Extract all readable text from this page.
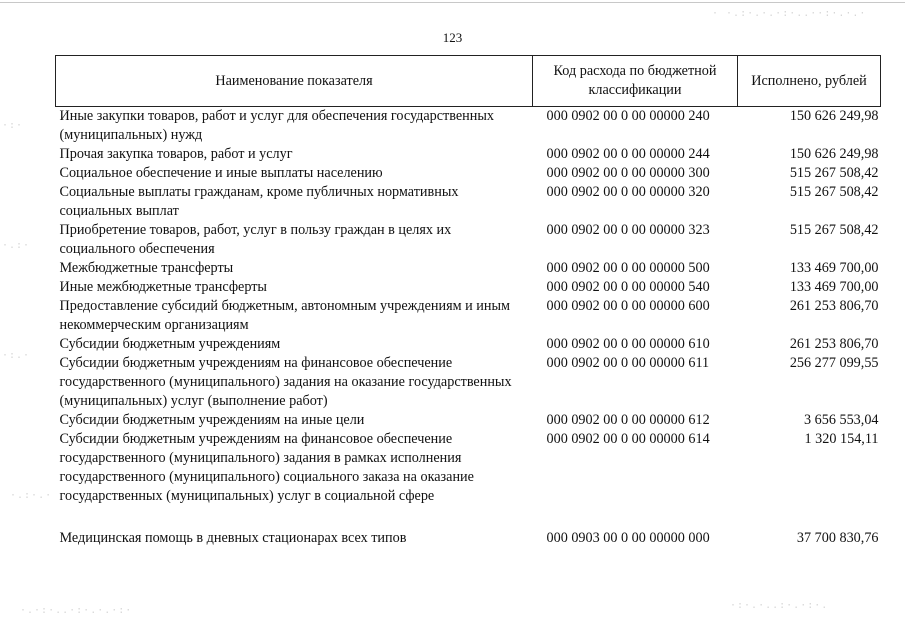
· ·.:·.·.·:·..··:·.·.·
·:·
·.:·
·:.·
·.:·.·
·.·:·..·:·.·.·:·	·:·.·..:·.·:·.
123
Наименование показателя	Код расхода по бюджетной классификации	Исполнено, рублей
Иные закупки товаров, работ и услуг для обеспечения государственных (муниципальных) нужд	000 0902 00 0 00 00000 240	150 626 249,98
Прочая закупка товаров, работ и услуг	000 0902 00 0 00 00000 244	150 626 249,98
Социальное обеспечение и иные выплаты населению	000 0902 00 0 00 00000 300	515 267 508,42
Социальные выплаты гражданам, кроме публичных нормативных социальных выплат	000 0902 00 0 00 00000 320	515 267 508,42
Приобретение товаров, работ, услуг в пользу граждан в целях их социального обеспечения	000 0902 00 0 00 00000 323	515 267 508,42
Межбюджетные трансферты	000 0902 00 0 00 00000 500	133 469 700,00
Иные межбюджетные трансферты	000 0902 00 0 00 00000 540	133 469 700,00
Предоставление субсидий бюджетным, автономным учреждениям и иным некоммерческим организациям	000 0902 00 0 00 00000 600	261 253 806,70
Субсидии бюджетным учреждениям	000 0902 00 0 00 00000 610	261 253 806,70
Субсидии бюджетным учреждениям на финансовое обеспечение государственного (муниципального) задания на оказание государственных (муниципальных) услуг (выполнение работ)	000 0902 00 0 00 00000 611	256 277 099,55
Субсидии бюджетным учреждениям на иные цели	000 0902 00 0 00 00000 612	3 656 553,04
Субсидии бюджетным учреждениям на финансовое обеспечение государственного (муниципального) задания в рамках исполнения государственного (муниципального) социального заказа на оказание государственных (муниципальных) услуг в социальной сфере	000 0902 00 0 00 00000 614	1 320 154,11

Медицинская помощь в дневных стационарах всех типов	000 0903 00 0 00 00000 000	37 700 830,76
